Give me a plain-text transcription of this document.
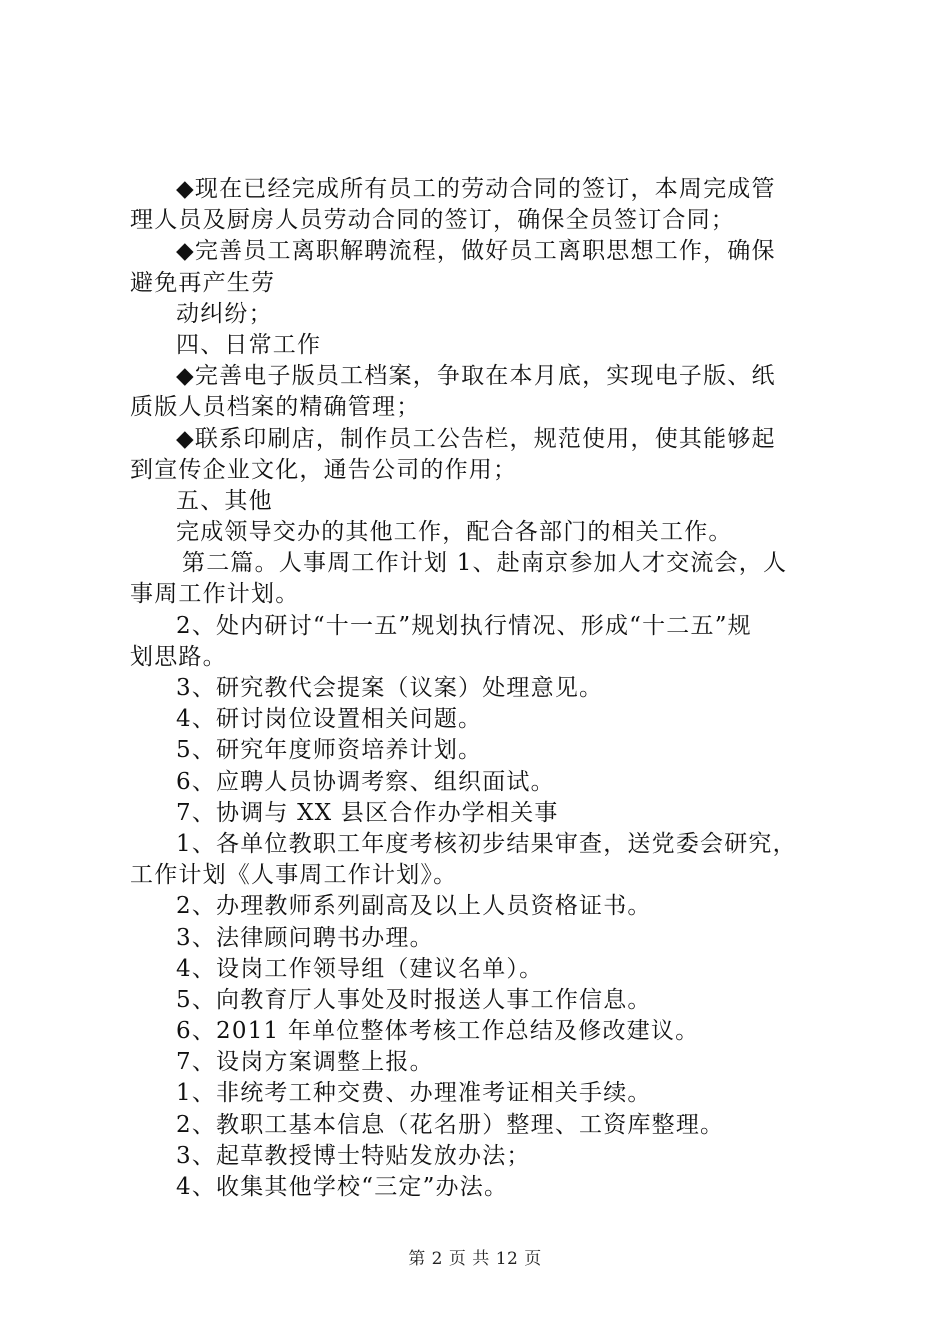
◆现在已经完成所有员工的劳动合同的签订，本周完成管
理人员及厨房人员劳动合同的签订，确保全员签订合同；
◆完善员工离职解聘流程，做好员工离职思想工作，确保
避免再产生劳
动纠纷；
四、日常工作
◆完善电子版员工档案，争取在本月底，实现电子版、纸
质版人员档案的精确管理；
◆联系印刷店，制作员工公告栏，规范使用，使其能够起
到宣传企业文化，通告公司的作用；
五、其他
完成领导交办的其他工作，配合各部门的相关工作。
第二篇。人事周工作计划 1、赴南京参加人才交流会，人
事周工作计划。
2、处内研讨“十一五”规划执行情况、形成“十二五”规
划思路。
3、研究教代会提案（议案）处理意见。
4、研讨岗位设置相关问题。
5、研究年度师资培养计划。
6、应聘人员协调考察、组织面试。
7、协调与 XX 县区合作办学相关事
1、各单位教职工年度考核初步结果审查，送党委会研究，
工作计划《人事周工作计划》。
2、办理教师系列副高及以上人员资格证书。
3、法律顾问聘书办理。
4、设岗工作领导组（建议名单）。
5、向教育厅人事处及时报送人事工作信息。
6、2011 年单位整体考核工作总结及修改建议。
7、设岗方案调整上报。
1、非统考工种交费、办理准考证相关手续。
2、教职工基本信息（花名册）整理、工资库整理。
3、起草教授博士特贴发放办法；
4、收集其他学校“三定”办法。
第 2 页 共 12 页
